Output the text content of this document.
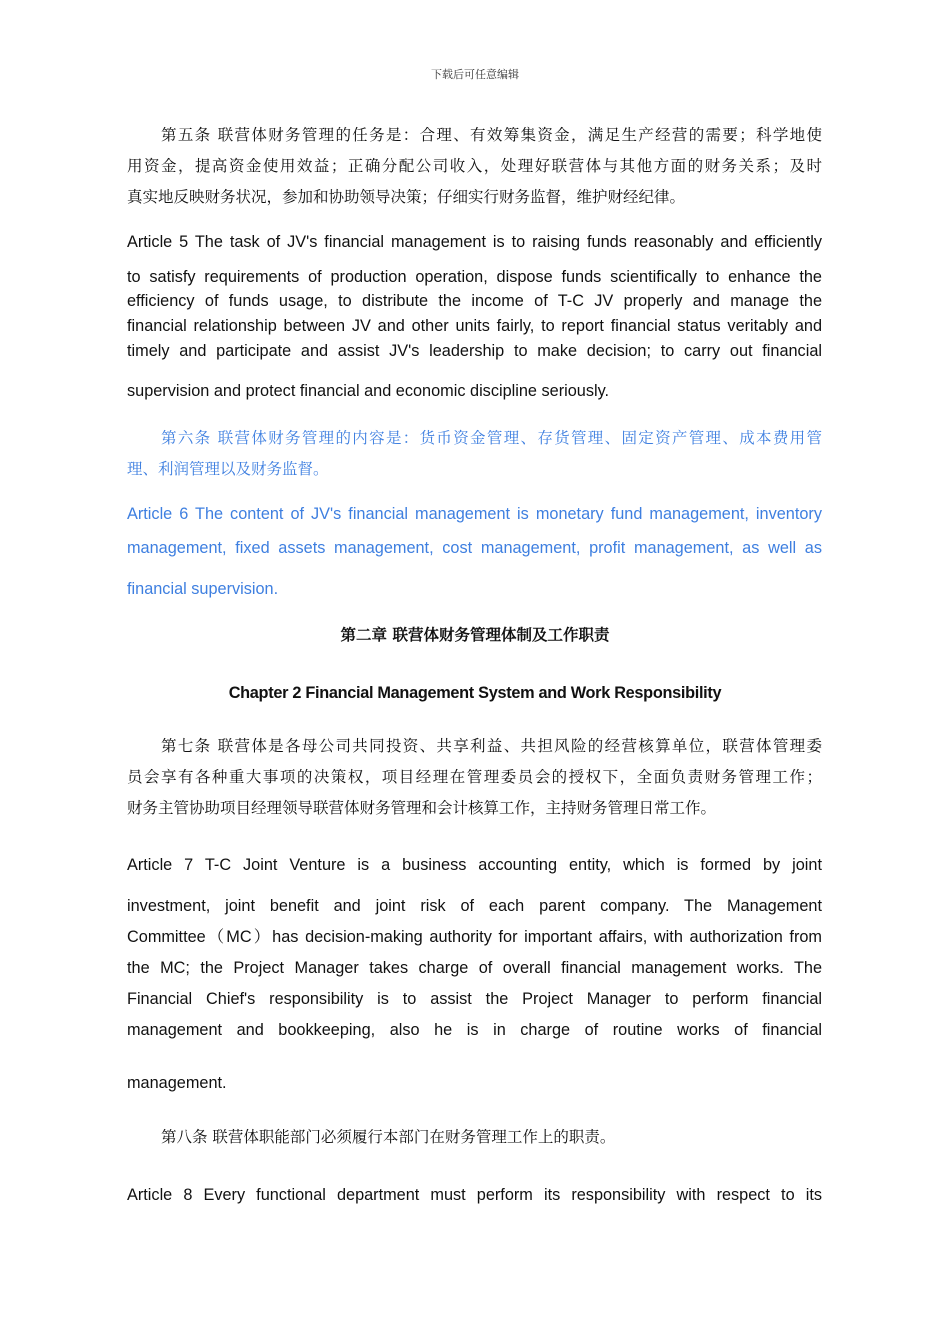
下载后可任意编辑
第五条 联营体财务管理的任务是：合理、有效筹集资金，满足生产经营的需要；科学地使
用资金，提高资金使用效益；正确分配公司收入，处理好联营体与其他方面的财务关系；及时
真实地反映财务状况，参加和协助领导决策；仔细实行财务监督，维护财经纪律。
Article 5 The task of JV's financial management is to raising funds reasonably and efficiently
to satisfy requirements of production operation, dispose funds scientifically to enhance the
efficiency of funds usage, to distribute the income of T-C JV properly and manage the
financial relationship between JV and other units fairly, to report financial status veritably and
timely and participate and assist JV's leadership to make decision; to carry out financial
supervision and protect financial and economic discipline seriously.
第六条 联营体财务管理的内容是：货币资金管理、存货管理、固定资产管理、成本费用管
理、利润管理以及财务监督。
Article 6 The content of JV's financial management is monetary fund management, inventory
management, fixed assets management, cost management, profit management, as well as
financial supervision.
第七条 联营体是各母公司共同投资、共享利益、共担风险的经营核算单位，联营体管理委
员会享有各种重大事项的决策权，项目经理在管理委员会的授权下，全面负责财务管理工作；
财务主管协助项目经理领导联营体财务管理和会计核算工作，主持财务管理日常工作。
Article 7 T-C Joint Venture is a business accounting entity, which is formed by joint
investment, joint benefit and joint risk of each parent company. The Management
Committee（MC）has decision-making authority for important affairs, with authorization from
the MC; the Project Manager takes charge of overall financial management works. The
Financial Chief's responsibility is to assist the Project Manager to perform financial
management and bookkeeping, also he is in charge of routine works of financial
management.
第八条 联营体职能部门必须履行本部门在财务管理工作上的职责。
Article 8 Every functional department must perform its responsibility with respect to its
第二章 联营体财务管理体制及工作职责
Chapter 2 Financial Management System and Work Responsibility
